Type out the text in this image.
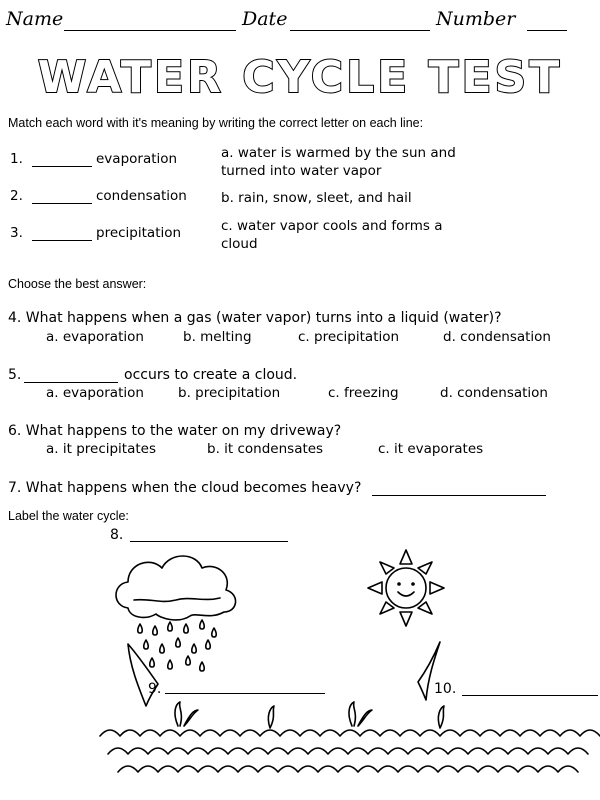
Name	Date	Number
WATER CYCLE TEST
Match each word with it's meaning by writing the correct letter on each line:
1.	evaporation	a. water is warmed by the sun and
turned into water vapor
2.	condensation	b. rain, snow, sleet, and hail
3.	precipitation	c. water vapor cools and forms a
cloud
Choose the best answer:
4. What happens when a gas (water vapor) turns into a liquid (water)?
a. evaporation	b. melting	c. precipitation	d. condensation
5.	occurs to create a cloud.
a. evaporation	b. precipitation	c. freezing	d. condensation
6. What happens to the water on my driveway?
a. it precipitates	b. it condensates	c. it evaporates
7. What happens when the cloud becomes heavy?
Label the water cycle:
8.
9.	10.
